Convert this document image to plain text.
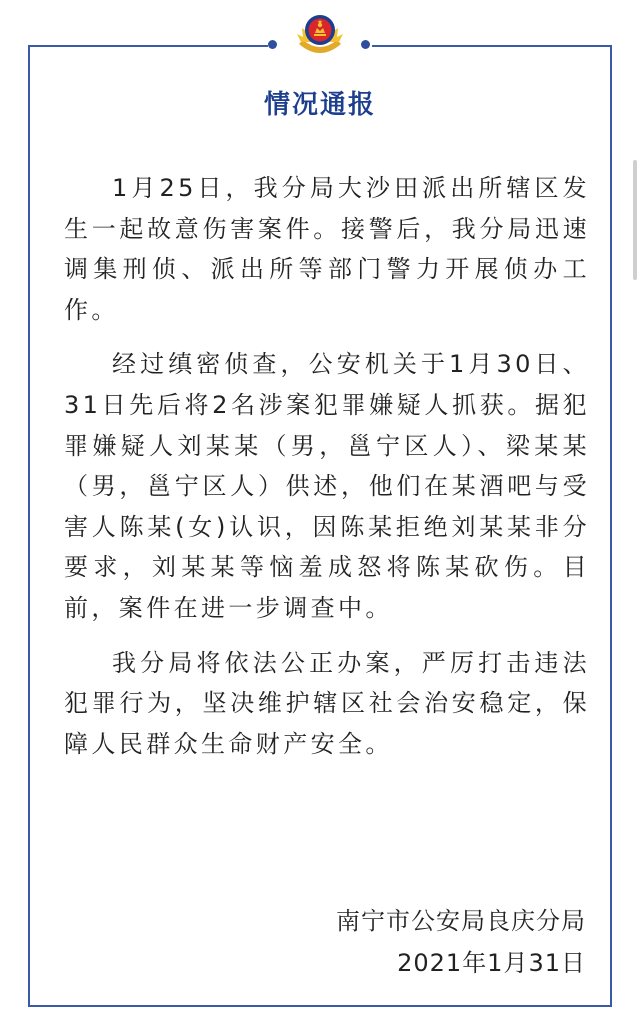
情况通报

1月25日，我分局大沙田派出所辖区发生一起故意伤害案件。接警后，我分局迅速调集刑侦、派出所等部门警力开展侦办工作。

经过缜密侦查，公安机关于1月30日、31日先后将2名涉案犯罪嫌疑人抓获。据犯罪嫌疑人刘某某（男，邕宁区人）、梁某某（男，邕宁区人）供述，他们在某酒吧与受害人陈某(女)认识，因陈某拒绝刘某某非分要求，刘某某等恼羞成怒将陈某砍伤。目前，案件在进一步调查中。

我分局将依法公正办案，严厉打击违法犯罪行为，坚决维护辖区社会治安稳定，保障人民群众生命财产安全。

南宁市公安局良庆分局
2021年1月31日
